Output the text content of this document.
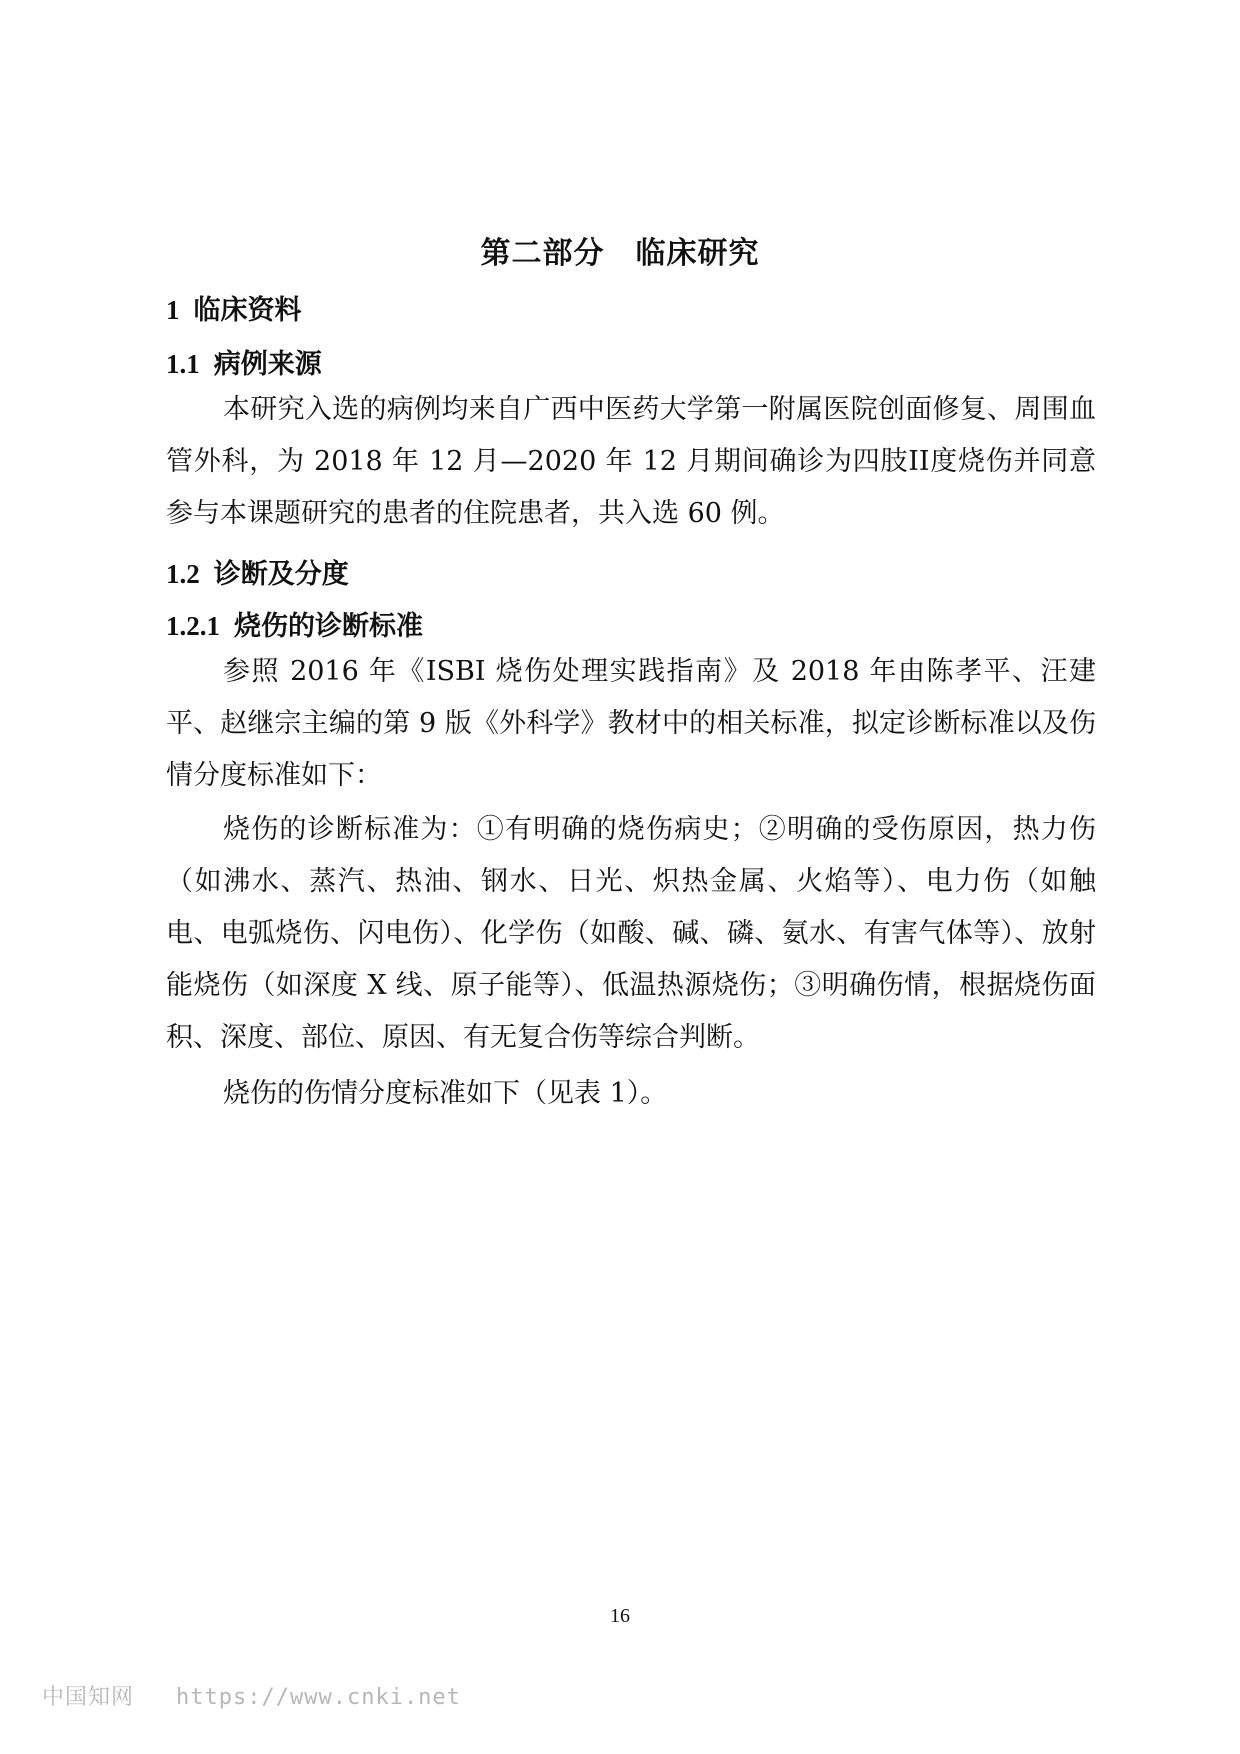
第二部分　临床研究
1 临床资料
1.1 病例来源

本研究入选的病例均来自广西中医药大学第一附属医院创面修复、周围血管外科，为 2018 年 12 月—2020 年 12 月期间确诊为四肢II度烧伤并同意参与本课题研究的患者的住院患者，共入选 60 例。

1.2 诊断及分度
1.2.1 烧伤的诊断标准

参照 2016 年《ISBI 烧伤处理实践指南》及 2018 年由陈孝平、汪建平、赵继宗主编的第 9 版《外科学》教材中的相关标准，拟定诊断标准以及伤情分度标准如下：

烧伤的诊断标准为：①有明确的烧伤病史；②明确的受伤原因，热力伤（如沸水、蒸汽、热油、钢水、日光、炽热金属、火焰等）、电力伤（如触电、电弧烧伤、闪电伤）、化学伤（如酸、碱、磷、氨水、有害气体等）、放射能烧伤（如深度 X 线、原子能等）、低温热源烧伤；③明确伤情，根据烧伤面积、深度、部位、原因、有无复合伤等综合判断。

烧伤的伤情分度标准如下（见表 1）。

16
中国知网 https://www.cnki.net
